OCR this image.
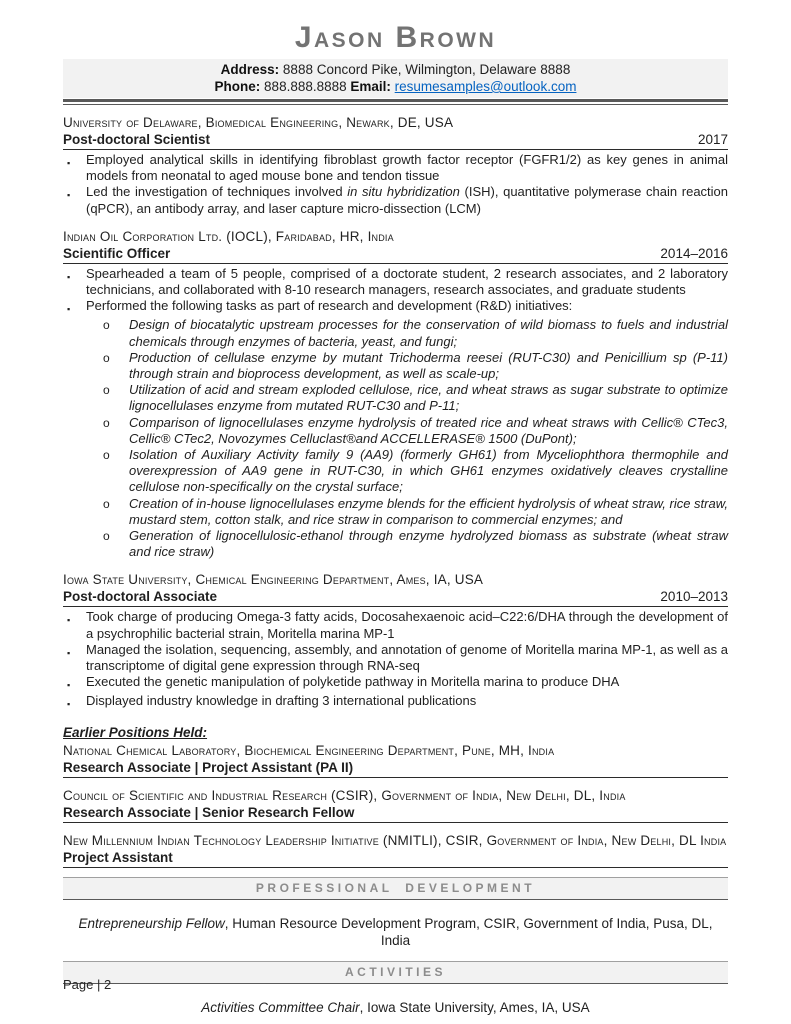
Jason Brown
Address: 8888 Concord Pike, Wilmington, Delaware 8888
Phone: 888.888.8888 Email: resumesamples@outlook.com
University of Delaware, Biomedical Engineering, Newark, DE, USA
Post-doctoral Scientist	2017
▪	Employed analytical skills in identifying fibroblast growth factor receptor (FGFR1/2) as key genes in animal models from neonatal to aged mouse bone and tendon tissue
▪	Led the investigation of techniques involved in situ hybridization (ISH), quantitative polymerase chain reaction (qPCR), an antibody array, and laser capture micro-dissection (LCM)
Indian Oil Corporation Ltd. (IOCL), Faridabad, HR, India
Scientific Officer	2014–2016
▪	Spearheaded a team of 5 people, comprised of a doctorate student, 2 research associates, and 2 laboratory technicians, and collaborated with 8-10 research managers, research associates, and graduate students
▪	Performed the following tasks as part of research and development (R&D) initiatives:
o	Design of biocatalytic upstream processes for the conservation of wild biomass to fuels and industrial chemicals through enzymes of bacteria, yeast, and fungi;
o	Production of cellulase enzyme by mutant Trichoderma reesei (RUT-C30) and Penicillium sp (P-11) through strain and bioprocess development, as well as scale-up;
o	Utilization of acid and stream exploded cellulose, rice, and wheat straws as sugar substrate to optimize lignocellulases enzyme from mutated RUT-C30 and P-11;
o	Comparison of lignocellulases enzyme hydrolysis of treated rice and wheat straws with Cellic® CTec3, Cellic® CTec2, Novozymes Celluclast®and ACCELLERASE® 1500 (DuPont);
o	Isolation of Auxiliary Activity family 9 (AA9) (formerly GH61) from Myceliophthora thermophile and overexpression of AA9 gene in RUT-C30, in which GH61 enzymes oxidatively cleaves crystalline cellulose non-specifically on the crystal surface;
o	Creation of in-house lignocellulases enzyme blends for the efficient hydrolysis of wheat straw, rice straw, mustard stem, cotton stalk, and rice straw in comparison to commercial enzymes; and
o	Generation of lignocellulosic-ethanol through enzyme hydrolyzed biomass as substrate (wheat straw and rice straw)
Iowa State University, Chemical Engineering Department, Ames, IA, USA
Post-doctoral Associate	2010–2013
▪	Took charge of producing Omega-3 fatty acids, Docosahexaenoic acid–C22:6/DHA through the development of a psychrophilic bacterial strain, Moritella marina MP-1
▪	Managed the isolation, sequencing, assembly, and annotation of genome of Moritella marina MP-1, as well as a transcriptome of digital gene expression through RNA-seq
▪	Executed the genetic manipulation of polyketide pathway in Moritella marina to produce DHA
▪	Displayed industry knowledge in drafting 3 international publications
Earlier Positions Held:
National Chemical Laboratory, Biochemical Engineering Department, Pune, MH, India
Research Associate | Project Assistant (PA II)
Council of Scientific and Industrial Research (CSIR), Government of India, New Delhi, DL, India
Research Associate | Senior Research Fellow
New Millennium Indian Technology Leadership Initiative (NMITLI), CSIR, Government of India, New Delhi, DL India
Project Assistant
PROFESSIONAL DEVELOPMENT
Entrepreneurship Fellow, Human Resource Development Program, CSIR, Government of India, Pusa, DL, India
ACTIVITIES
Activities Committee Chair, Iowa State University, Ames, IA, USA
Page | 2
